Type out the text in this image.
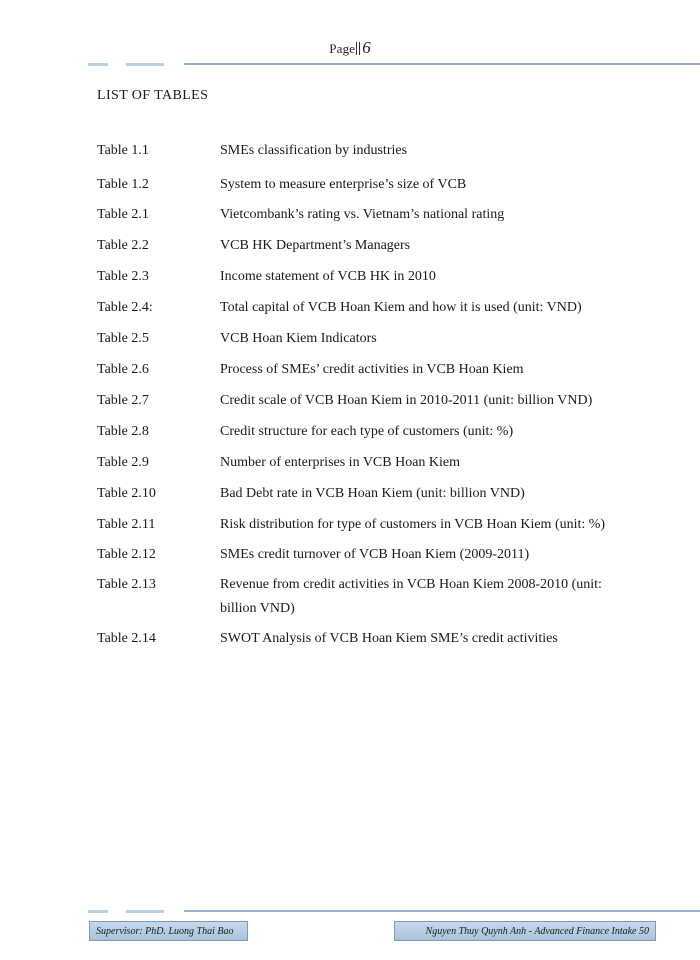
Page 6
LIST OF TABLES
Table 1.1	SMEs classification by industries
Table 1.2	System to measure enterprise’s size of VCB
Table 2.1	Vietcombank’s rating vs. Vietnam’s national rating
Table 2.2	VCB HK Department’s Managers
Table 2.3	Income statement of VCB HK in 2010
Table 2.4:	Total capital of VCB Hoan Kiem and how it is used (unit: VND)
Table 2.5	VCB Hoan Kiem Indicators
Table 2.6	Process of SMEs’ credit activities in VCB Hoan Kiem
Table 2.7	Credit scale of VCB Hoan Kiem in 2010-2011 (unit: billion VND)
Table 2.8	Credit structure for each type of customers (unit: %)
Table 2.9	Number of enterprises in VCB Hoan Kiem
Table 2.10	Bad Debt rate in VCB Hoan Kiem (unit: billion VND)
Table 2.11	Risk distribution for type of customers in VCB Hoan Kiem (unit: %)
Table 2.12	SMEs credit turnover of VCB Hoan Kiem (2009-2011)
Table 2.13	Revenue from credit activities in VCB Hoan Kiem 2008-2010 (unit: billion VND)
Table 2.14	SWOT Analysis of VCB Hoan Kiem SME’s credit activities
Supervisor: PhD. Luong Thai Bao	Nguyen Thuy Quynh Anh - Advanced Finance Intake 50
